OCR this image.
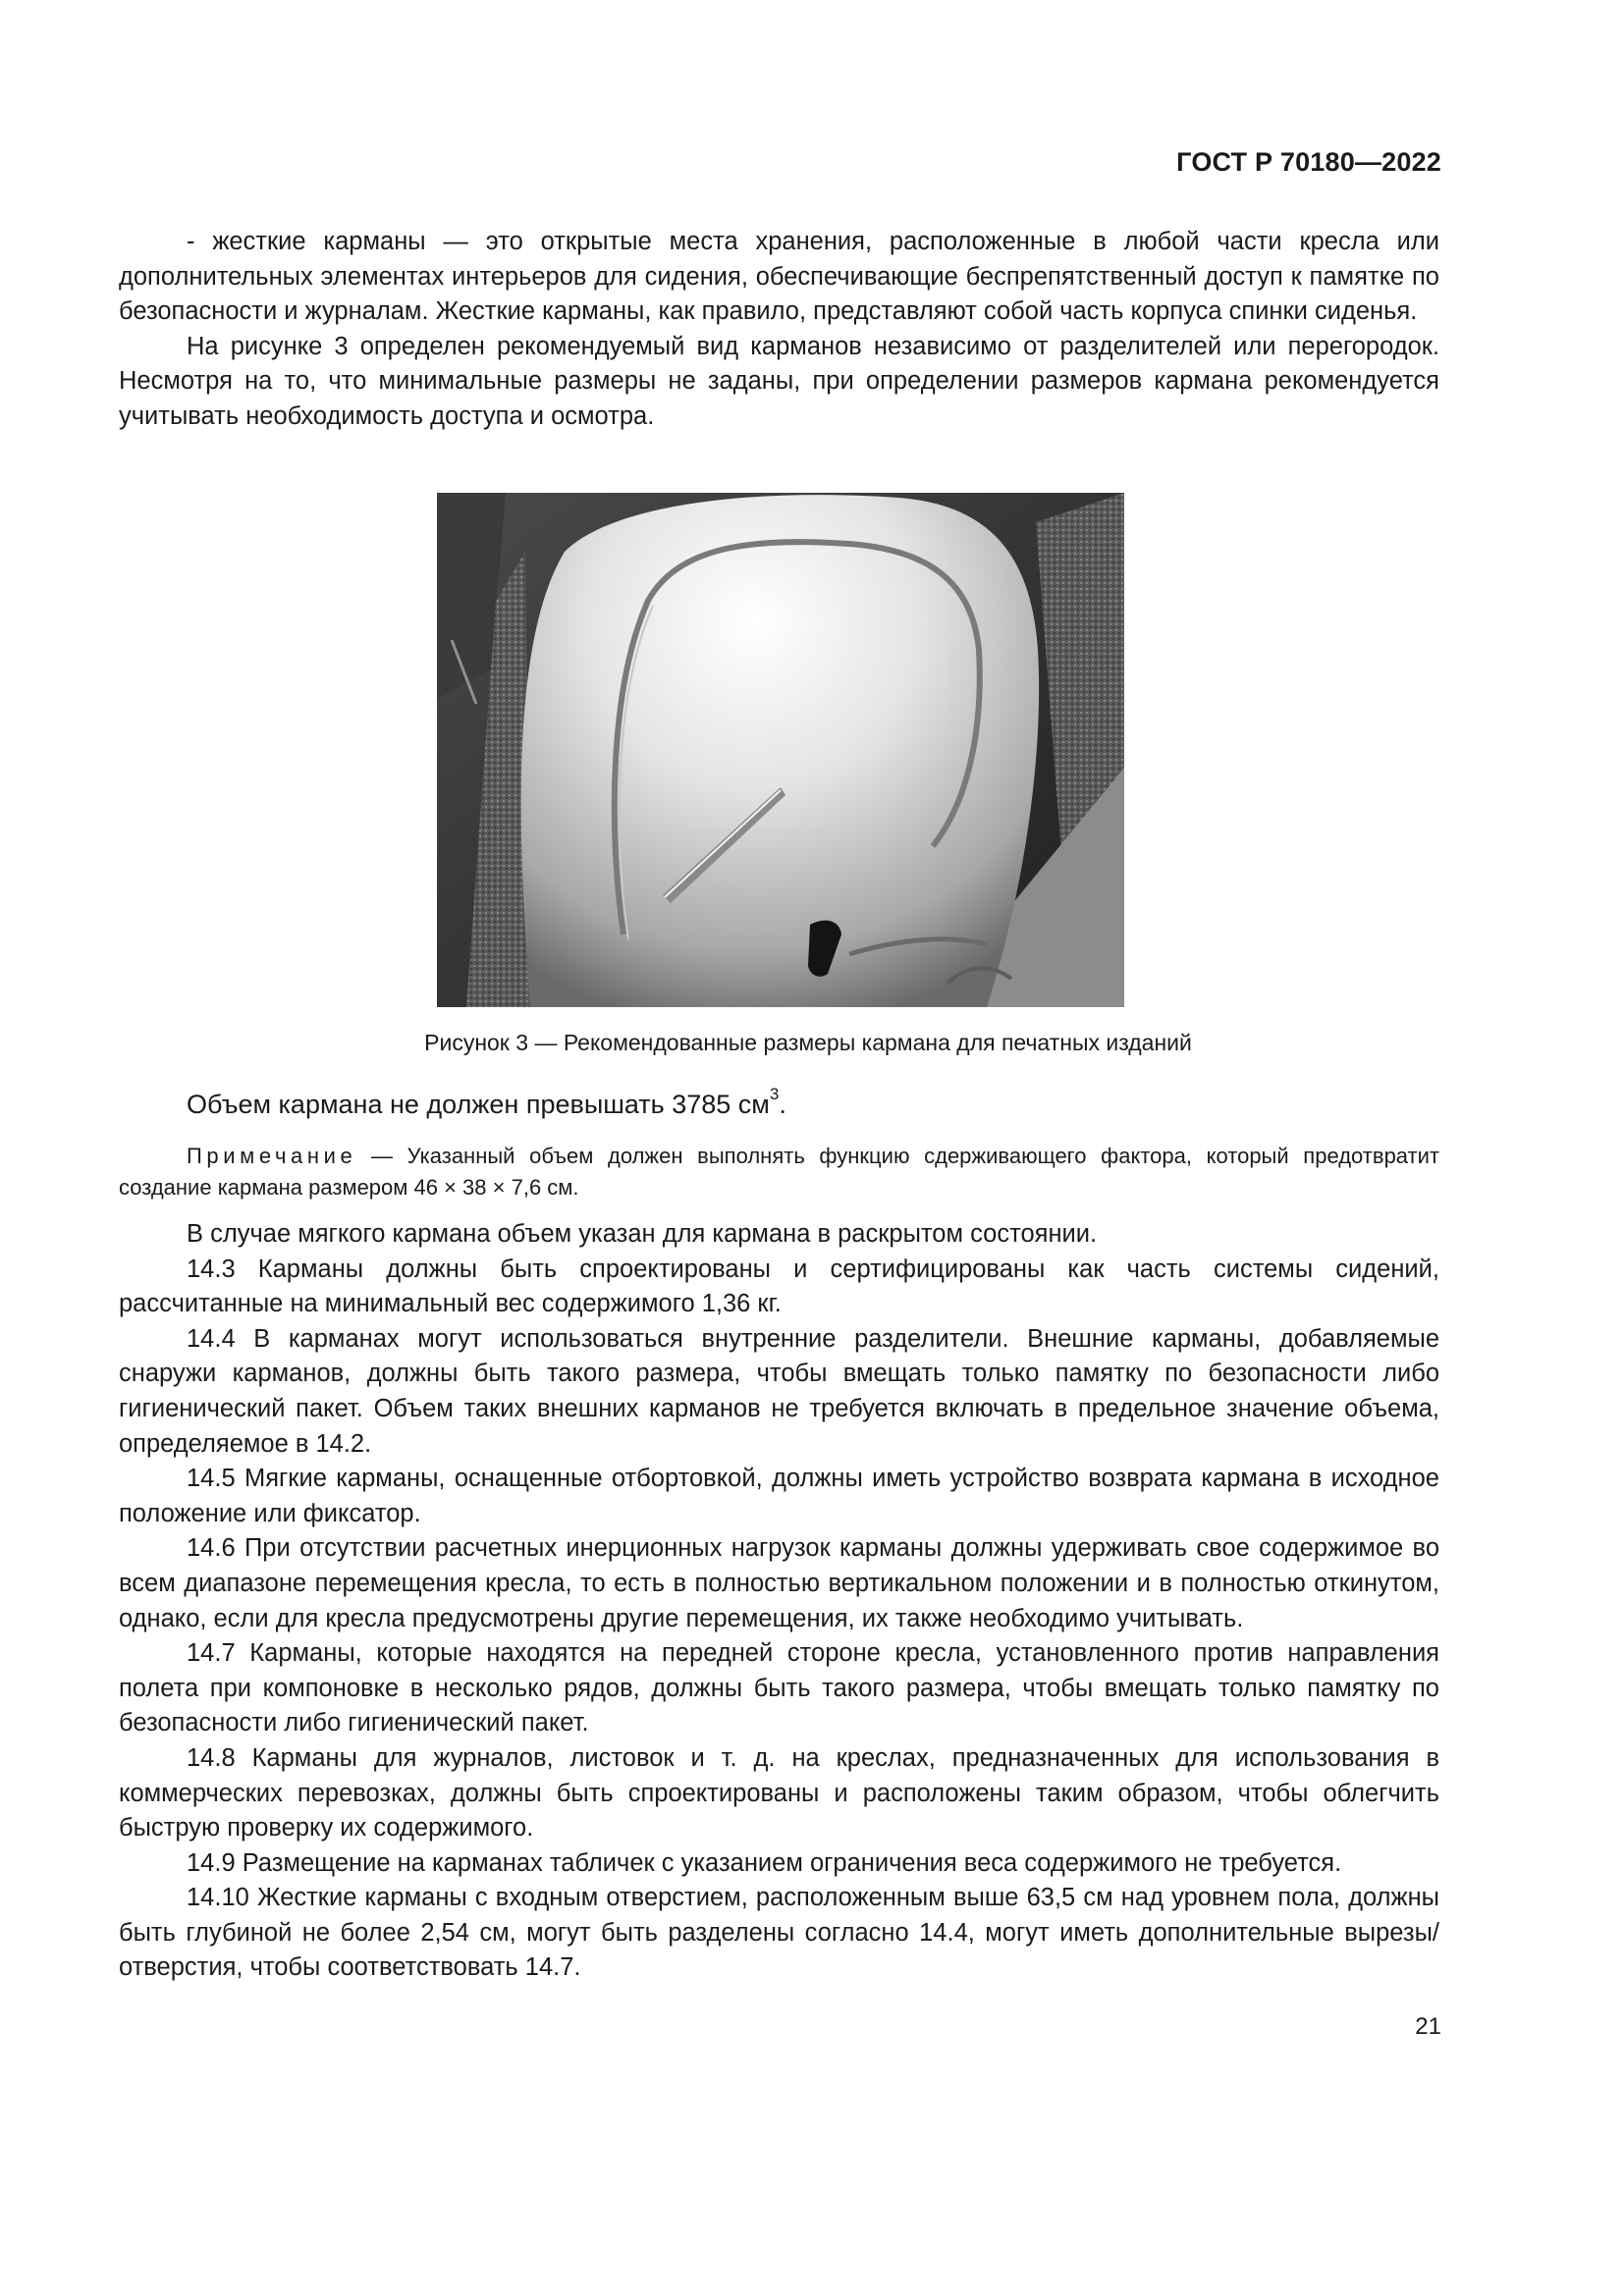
ГОСТ Р 70180—2022

- жесткие карманы — это открытые места хранения, расположенные в любой части кресла или дополнительных элементах интерьеров для сидения, обеспечивающие беспрепятственный доступ к памятке по безопасности и журналам. Жесткие карманы, как правило, представляют собой часть корпуса спинки сиденья.

На рисунке 3 определен рекомендуемый вид карманов независимо от разделителей или перегородок. Несмотря на то, что минимальные размеры не заданы, при определении размеров кармана рекомендуется учитывать необходимость доступа и осмотра.

Рисунок 3 — Рекомендованные размеры кармана для печатных изданий
Объем кармана не должен превышать 3785 $см^3$.

Примечание — Указанный объем должен выполнять функцию сдерживающего фактора, который предотвратит создание кармана размером 46 × 38 × 7,6 см.

В случае мягкого кармана объем указан для кармана в раскрытом состоянии.

14.3 Карманы должны быть спроектированы и сертифицированы как часть системы сидений, рассчитанные на минимальный вес содержимого 1,36 кг.

14.4 В карманах могут использоваться внутренние разделители. Внешние карманы, добавляемые снаружи карманов, должны быть такого размера, чтобы вмещать только памятку по безопасности либо гигиенический пакет. Объем таких внешних карманов не требуется включать в предельное значение объема, определяемое в 14.2.

14.5 Мягкие карманы, оснащенные отбортовкой, должны иметь устройство возврата кармана в исходное положение или фиксатор.

14.6 При отсутствии расчетных инерционных нагрузок карманы должны удерживать свое содержимое во всем диапазоне перемещения кресла, то есть в полностью вертикальном положении и в полностью откинутом, однако, если для кресла предусмотрены другие перемещения, их также необходимо учитывать.

14.7 Карманы, которые находятся на передней стороне кресла, установленного против направления полета при компоновке в несколько рядов, должны быть такого размера, чтобы вмещать только памятку по безопасности либо гигиенический пакет.

14.8 Карманы для журналов, листовок и т. д. на креслах, предназначенных для использования в коммерческих перевозках, должны быть спроектированы и расположены таким образом, чтобы облегчить быструю проверку их содержимого.

14.9 Размещение на карманах табличек с указанием ограничения веса содержимого не требуется.

14.10 Жесткие карманы с входным отверстием, расположенным выше 63,5 см над уровнем пола, должны быть глубиной не более 2,54 см, могут быть разделены согласно 14.4, могут иметь дополнительные вырезы/отверстия, чтобы соответствовать 14.7.

21
